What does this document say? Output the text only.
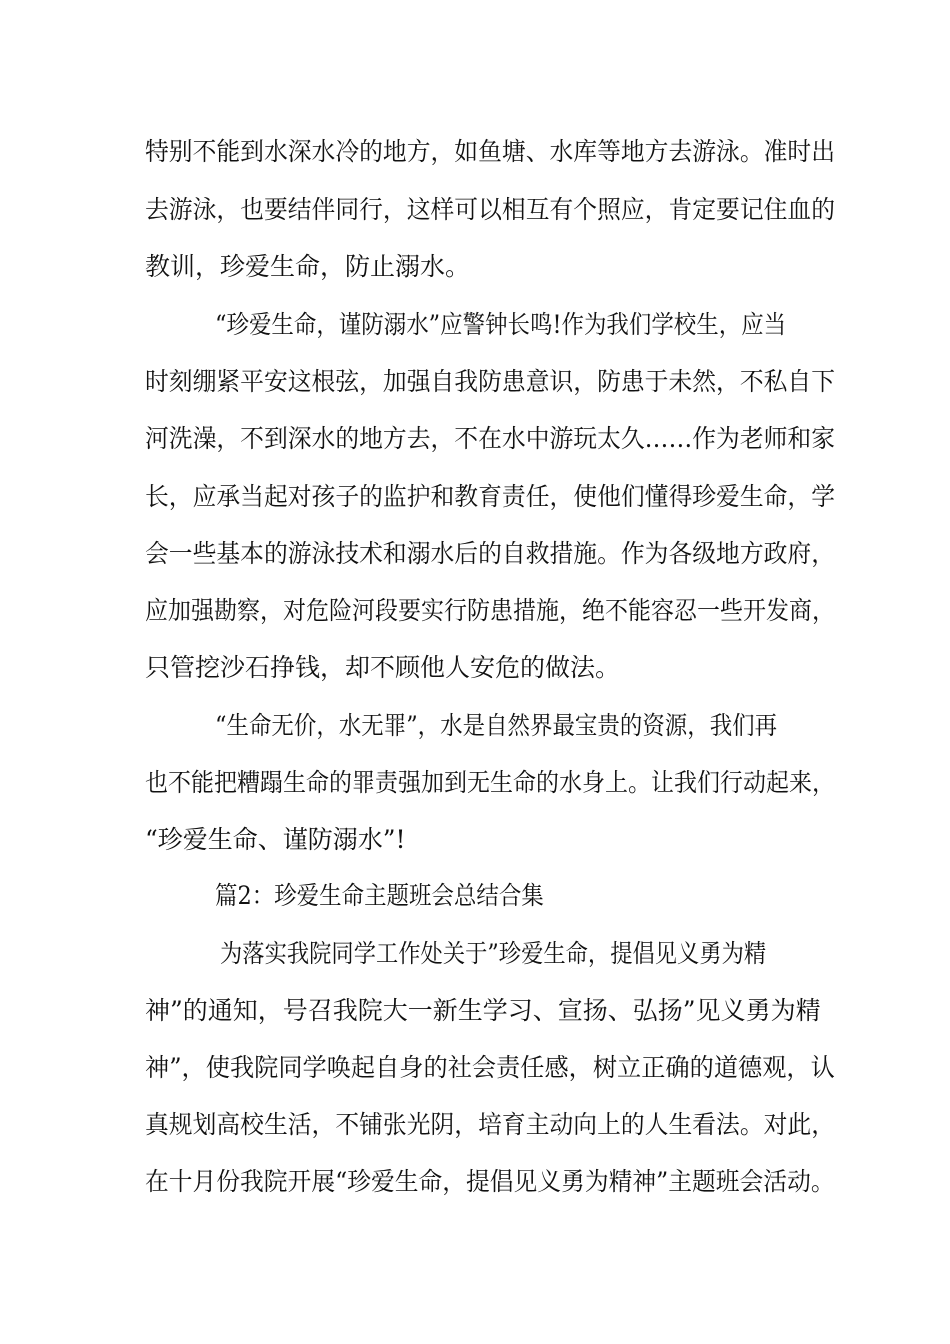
特别不能到水深水冷的地方，如鱼塘、水库等地方去游泳。准时出
去游泳，也要结伴同行，这样可以相互有个照应，肯定要记住血的
教训，珍爱生命，防止溺水。
“珍爱生命，谨防溺水”应警钟长鸣!作为我们学校生，应当
时刻绷紧平安这根弦，加强自我防患意识，防患于未然，不私自下
河洗澡，不到深水的地方去，不在水中游玩太久……作为老师和家
长，应承当起对孩子的监护和教育责任，使他们懂得珍爱生命，学
会一些基本的游泳技术和溺水后的自救措施。作为各级地方政府，
应加强勘察，对危险河段要实行防患措施，绝不能容忍一些开发商，
只管挖沙石挣钱，却不顾他人安危的做法。
“生命无价，水无罪”，水是自然界最宝贵的资源，我们再
也不能把糟蹋生命的罪责强加到无生命的水身上。让我们行动起来，
“珍爱生命、谨防溺水”!
篇2：珍爱生命主题班会总结合集
为落实我院同学工作处关于”珍爱生命，提倡见义勇为精
神”的通知，号召我院大一新生学习、宣扬、弘扬”见义勇为精
神”，使我院同学唤起自身的社会责任感，树立正确的道德观，认
真规划高校生活，不铺张光阴，培育主动向上的人生看法。对此，
在十月份我院开展“珍爱生命，提倡见义勇为精神”主题班会活动。
